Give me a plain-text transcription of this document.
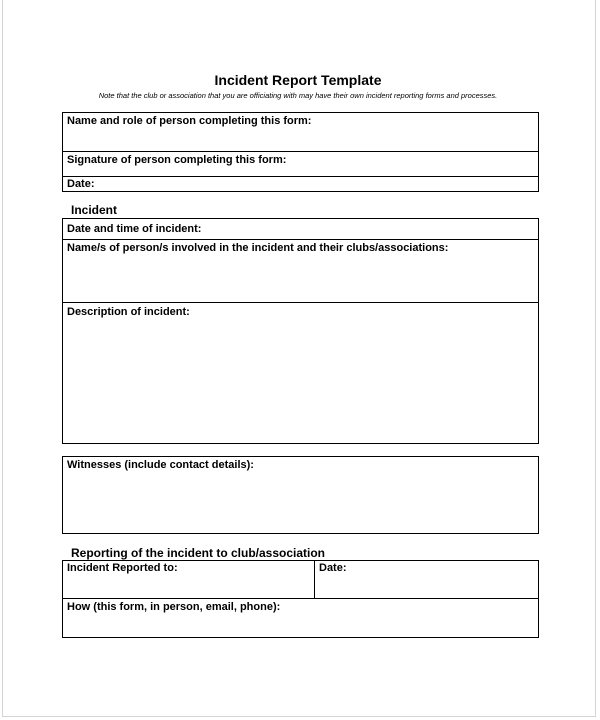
Incident Report Template
Note that the club or association that you are officiating with may have their own incident reporting forms and processes.
Name and role of person completing this form:
Signature of person completing this form:
Date:
Incident
Date and time of incident:
Name/s of person/s involved in the incident and their clubs/associations:
Description of incident:
Witnesses (include contact details):
Reporting of the incident to club/association
Incident Reported to:	Date:
How (this form, in person, email, phone):
